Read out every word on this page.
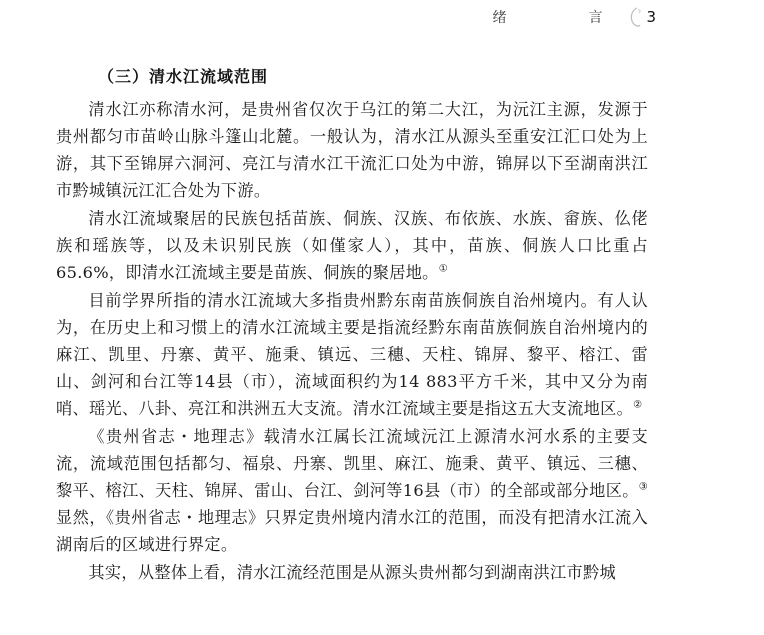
绪　言 3
（三）清水江流域范围

清水江亦称清水河，是贵州省仅次于乌江的第二大江，为沅江主源，发源于贵州都匀市苗岭山脉斗篷山北麓。一般认为，清水江从源头至重安江汇口处为上游，其下至锦屏六洞河、亮江与清水江干流汇口处为中游，锦屏以下至湖南洪江市黔城镇沅江汇合处为下游。

清水江流域聚居的民族包括苗族、侗族、汉族、布依族、水族、畲族、仫佬族和瑶族等，以及未识别民族（如僅家人），其中，苗族、侗族人口比重占65.6%，即清水江流域主要是苗族、侗族的聚居地。①

目前学界所指的清水江流域大多指贵州黔东南苗族侗族自治州境内。有人认为，在历史上和习惯上的清水江流域主要是指流经黔东南苗族侗族自治州境内的麻江、凯里、丹寨、黄平、施秉、镇远、三穗、天柱、锦屏、黎平、榕江、雷山、剑河和台江等14县（市），流域面积约为14 883平方千米，其中又分为南哨、瑶光、八卦、亮江和洪洲五大支流。清水江流域主要是指这五大支流地区。②

《贵州省志・地理志》载清水江属长江流域沅江上源清水河水系的主要支流，流域范围包括都匀、福泉、丹寨、凯里、麻江、施秉、黄平、镇远、三穗、黎平、榕江、天柱、锦屏、雷山、台江、剑河等16县（市）的全部或部分地区。③显然，《贵州省志・地理志》只界定贵州境内清水江的范围，而没有把清水江流入湖南后的区域进行界定。

其实，从整体上看，清水江流经范围是从源头贵州都匀到湖南洪江市黔城
